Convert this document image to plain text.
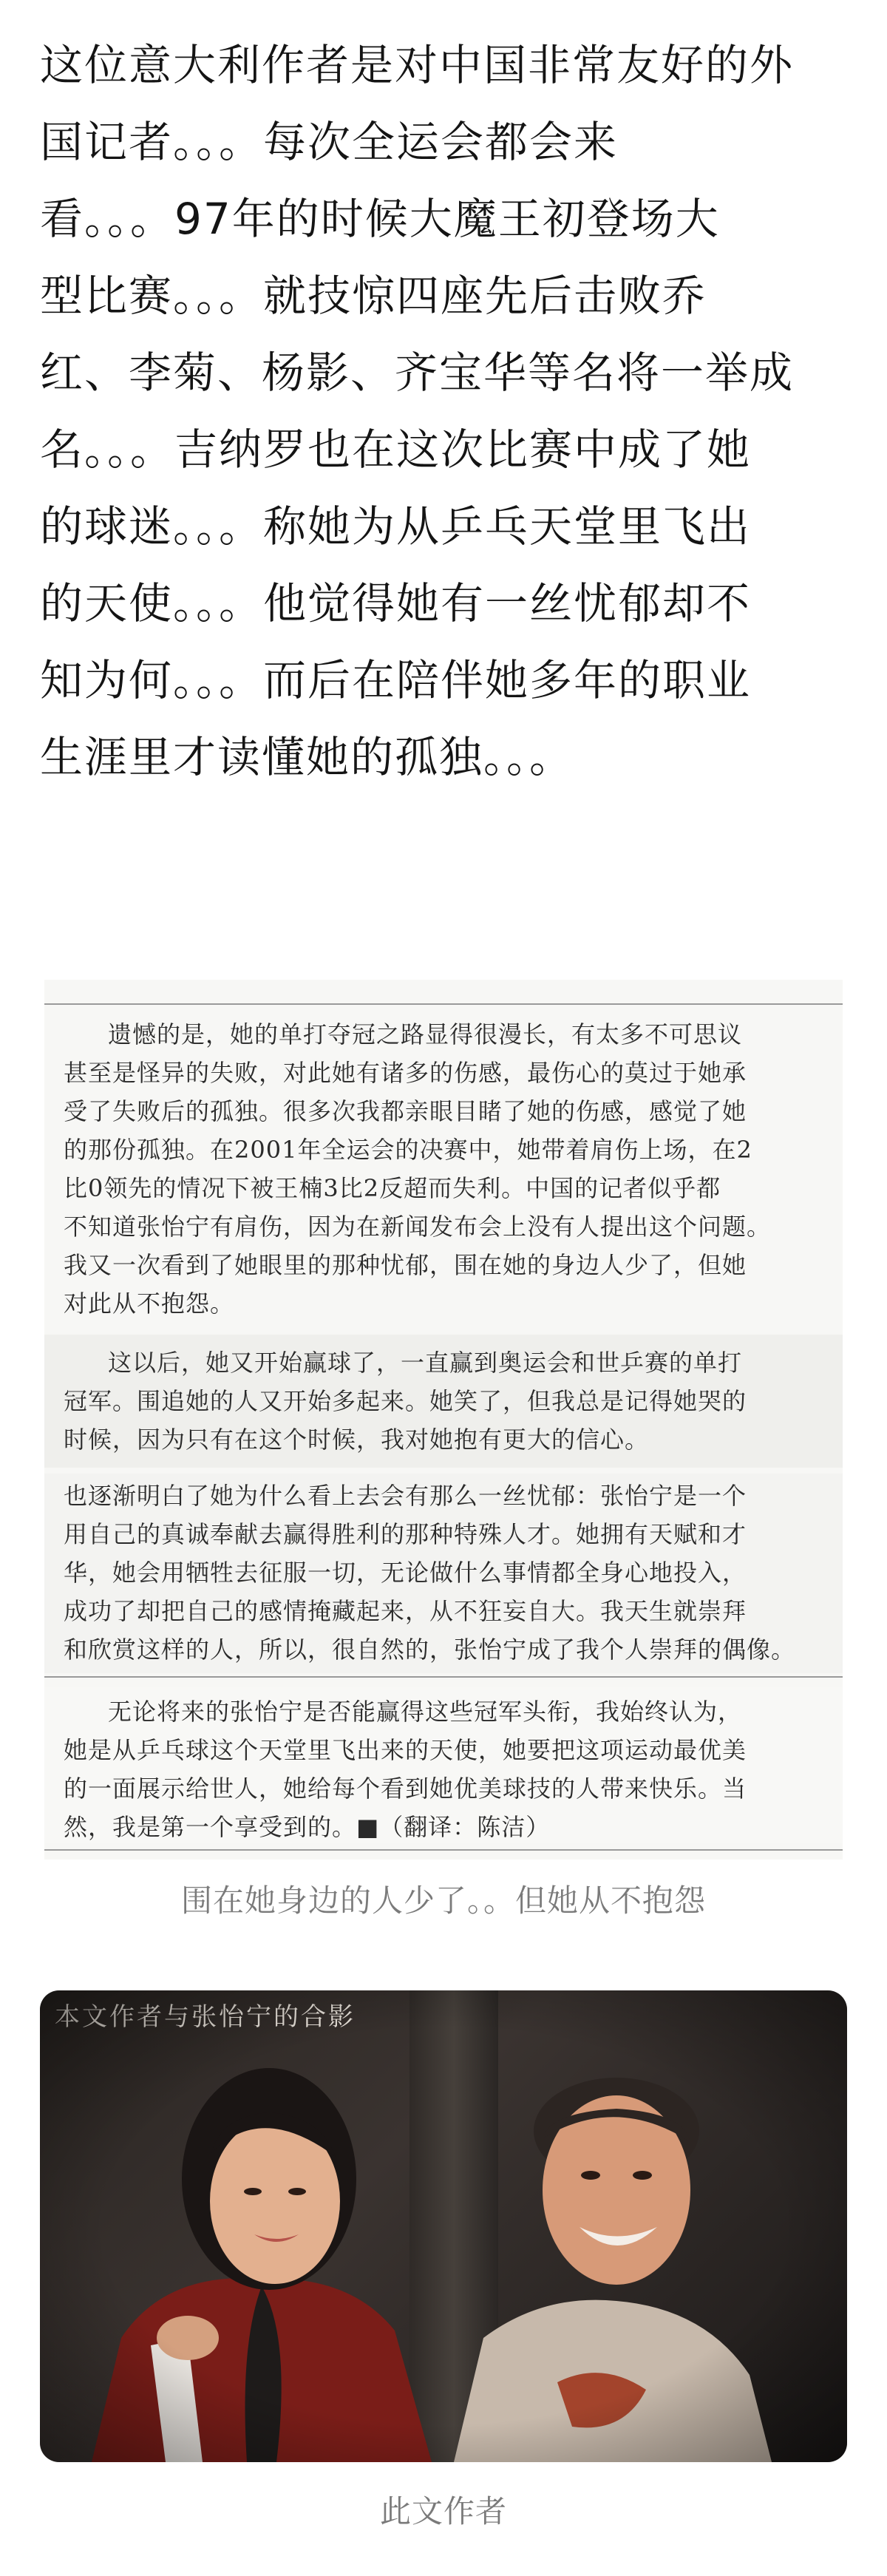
这位意大利作者是对中国非常友好的外
国记者。。。每次全运会都会来
看。。。97年的时候大魔王初登场大
型比赛。。。就技惊四座先后击败乔
红、李菊、杨影、齐宝华等名将一举成
名。。。吉纳罗也在这次比赛中成了她
的球迷。。。称她为从乒乓天堂里飞出
的天使。。。他觉得她有一丝忧郁却不
知为何。。。而后在陪伴她多年的职业
生涯里才读懂她的孤独。。。
遗憾的是，她的单打夺冠之路显得很漫长，有太多不可思议
甚至是怪异的失败，对此她有诸多的伤感，最伤心的莫过于她承
受了失败后的孤独。很多次我都亲眼目睹了她的伤感，感觉了她
的那份孤独。在2001年全运会的决赛中，她带着肩伤上场，在2
比0领先的情况下被王楠3比2反超而失利。中国的记者似乎都
不知道张怡宁有肩伤，因为在新闻发布会上没有人提出这个问题。
我又一次看到了她眼里的那种忧郁，围在她的身边人少了，但她
对此从不抱怨。
这以后，她又开始赢球了，一直赢到奥运会和世乒赛的单打
冠军。围追她的人又开始多起来。她笑了，但我总是记得她哭的
时候，因为只有在这个时候，我对她抱有更大的信心。
也逐渐明白了她为什么看上去会有那么一丝忧郁：张怡宁是一个
用自己的真诚奉献去赢得胜利的那种特殊人才。她拥有天赋和才
华，她会用牺牲去征服一切，无论做什么事情都全身心地投入，
成功了却把自己的感情掩藏起来，从不狂妄自大。我天生就崇拜
和欣赏这样的人，所以，很自然的，张怡宁成了我个人崇拜的偶像。
无论将来的张怡宁是否能赢得这些冠军头衔，我始终认为，
她是从乒乓球这个天堂里飞出来的天使，她要把这项运动最优美
的一面展示给世人，她给每个看到她优美球技的人带来快乐。当
然，我是第一个享受到的。■（翻译：陈洁）
围在她身边的人少了。。但她从不抱怨
此文作者
